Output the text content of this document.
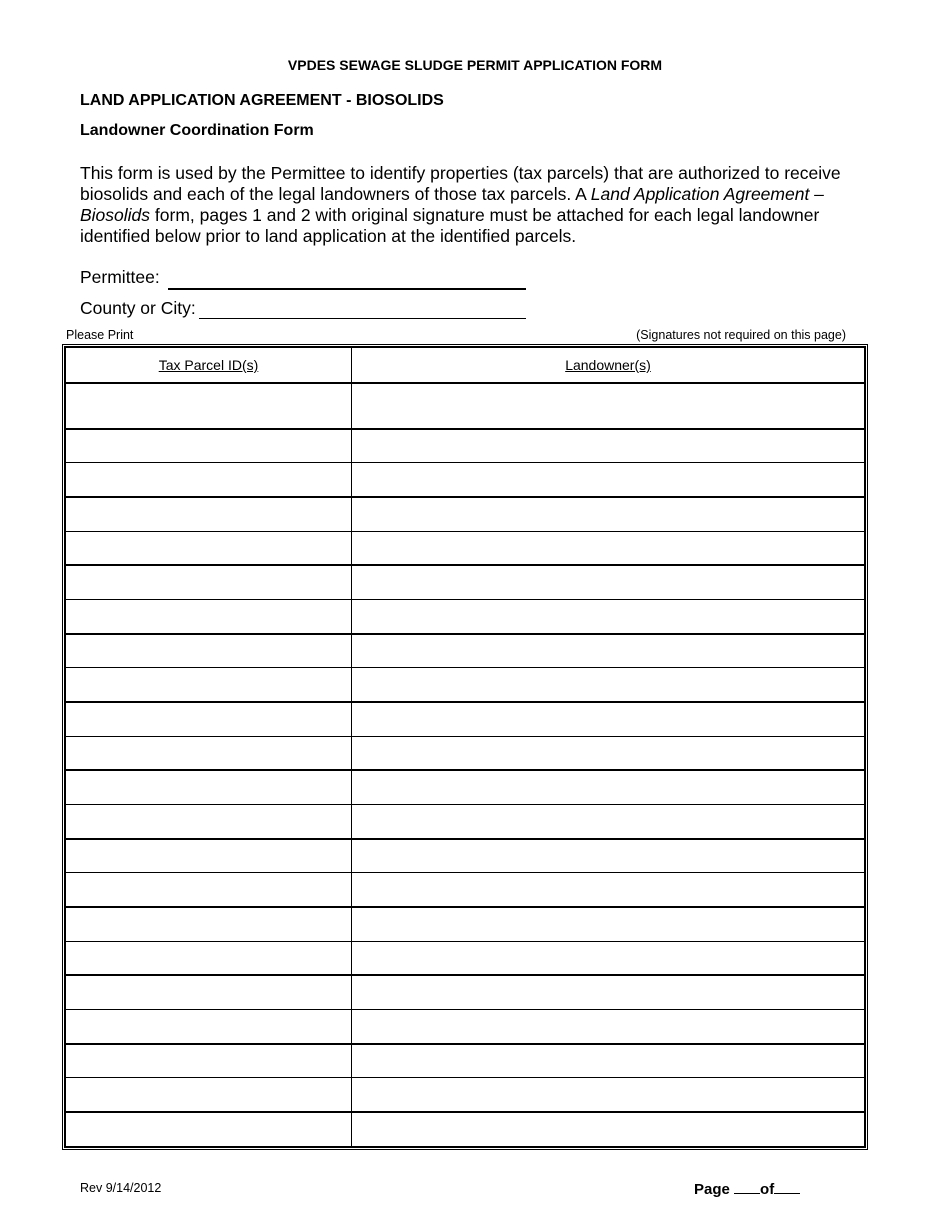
VPDES SEWAGE SLUDGE PERMIT APPLICATION FORM
LAND APPLICATION AGREEMENT - BIOSOLIDS
Landowner Coordination Form
This form is used by the Permittee to identify properties (tax parcels) that are authorized to receive biosolids and each of the legal landowners of those tax parcels. A Land Application Agreement – Biosolids form, pages 1 and 2 with original signature must be attached for each legal landowner identified below prior to land application at the identified parcels.
Permittee:
County or City:
Please Print	(Signatures not required on this page)
Tax Parcel ID(s)	Landowner(s)

Rev 9/14/2012	Page of
